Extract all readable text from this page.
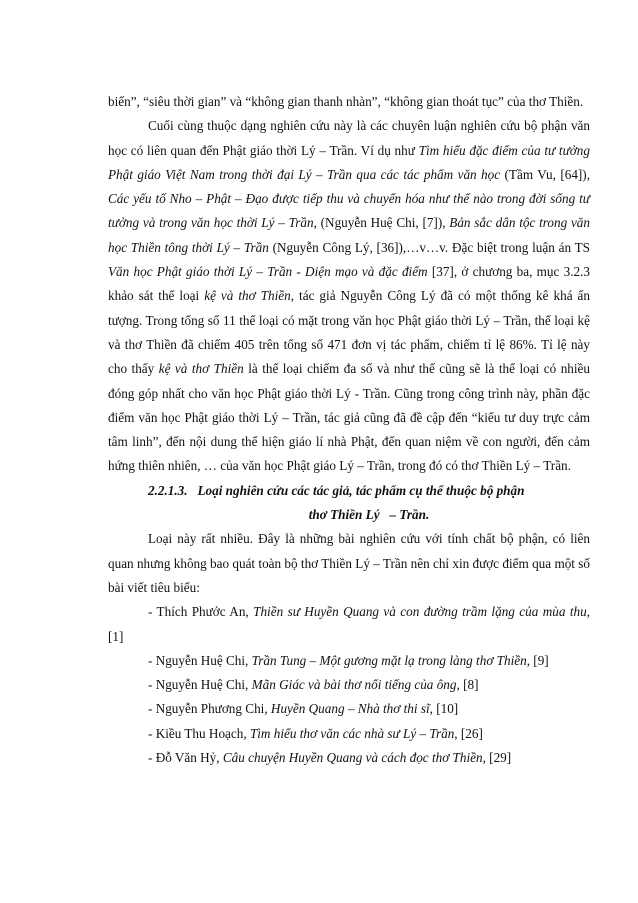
biến”, “siêu thời gian” và “không gian thanh nhàn”, “không gian thoát tục” của thơ Thiền.

Cuối cùng thuộc dạng nghiên cứu này là các chuyên luận nghiên cứu bộ phận văn học có liên quan đến Phật giáo thời Lý – Trần. Ví dụ như Tìm hiểu đặc điểm của tư tưởng Phật giáo Việt Nam trong thời đại Lý – Trần qua các tác phẩm văn học (Tầm Vu, [64]), Các yếu tố Nho – Phật – Đạo được tiếp thu và chuyển hóa như thế nào trong đời sống tư tưởng và trong văn học thời Lý – Trần, (Nguyễn Huệ Chi, [7]), Bản sắc dân tộc trong văn học Thiền tông thời Lý – Trần (Nguyễn Công Lý, [36]),…v…v. Đặc biệt trong luận án TS Văn học Phật giáo thời Lý – Trần - Diện mạo và đặc điểm [37], ở chương ba, mục 3.2.3 khảo sát thể loại kệ và thơ Thiền, tác giả Nguyễn Công Lý đã có một thống kê khá ấn tượng. Trong tổng số 11 thể loại có mặt trong văn học Phật giáo thời Lý – Trần, thể loại kệ và thơ Thiền đã chiếm 405 trên tổng số 471 đơn vị tác phẩm, chiếm tỉ lệ 86%. Tỉ lệ này cho thấy kệ và thơ Thiền là thể loại chiếm đa số và như thế cũng sẽ là thể loại có nhiều đóng góp nhất cho văn học Phật giáo thời Lý - Trần. Cũng trong công trình này, phần đặc điểm văn học Phật giáo thời Lý – Trần, tác giả cũng đã đề cập đến “kiểu tư duy trực cảm tâm linh”, đến nội dung thể hiện giáo lí nhà Phật, đến quan niệm về con người, đến cảm hứng thiên nhiên, … của văn học Phật giáo Lý – Trần, trong đó có thơ Thiền Lý – Trần.

2.2.1.3.   Loại nghiên cứu các tác giả, tác phẩm cụ thể thuộc bộ phận
thơ Thiền Lý   – Trần.

Loại này rất nhiều. Đây là những bài nghiên cứu với tính chất bộ phận, có liên quan nhưng không bao quát toàn bộ thơ Thiền Lý – Trần nên chỉ xin được điểm qua một số bài viết tiêu biểu:

- Thích Phước An, Thiền sư Huyền Quang và con đường trầm lặng của mùa thu, [1]

- Nguyễn Huệ Chi, Trần Tung – Một gương mặt lạ trong làng thơ Thiền, [9]

- Nguyễn Huệ Chi, Mãn Giác và bài thơ nổi tiếng của ông, [8]

- Nguyễn Phương Chi, Huyền Quang – Nhà thơ thi sĩ, [10]

- Kiều Thu Hoạch, Tìm hiểu thơ văn các nhà sư Lý – Trần, [26]

- Đỗ Văn Hỷ, Câu chuyện Huyền Quang và cách đọc thơ Thiền, [29]
